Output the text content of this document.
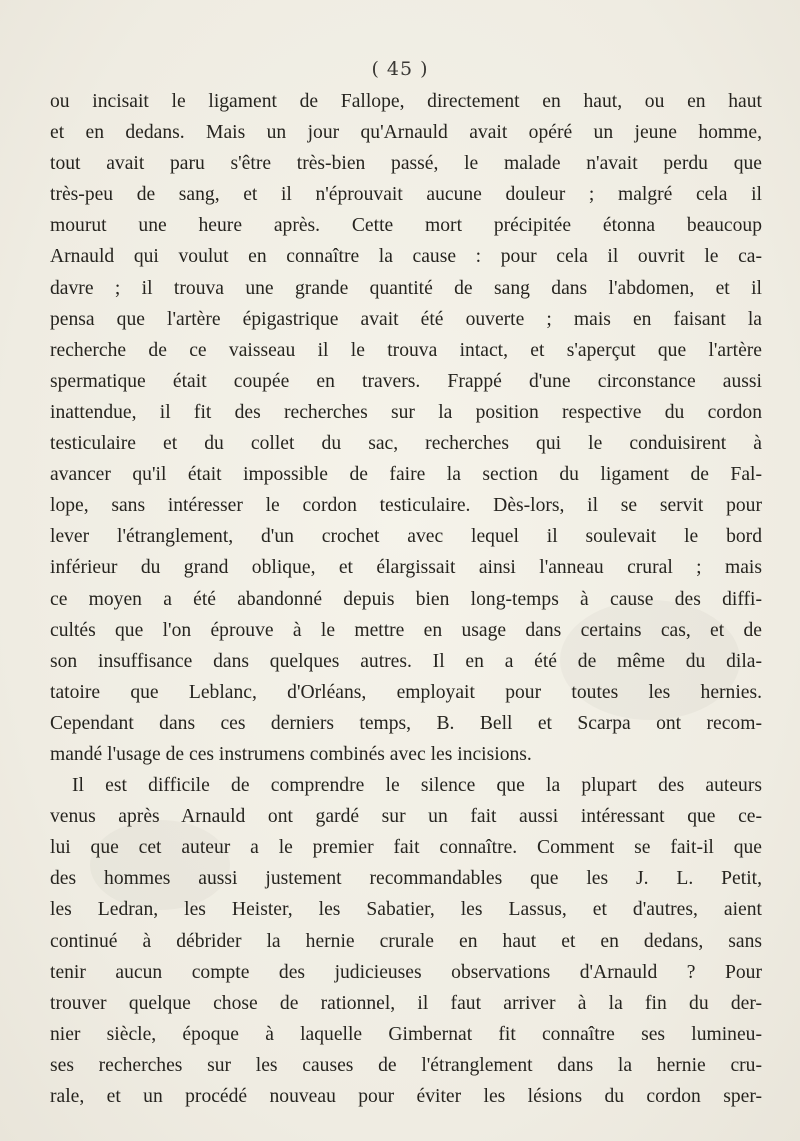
( 45 )
ou incisait le ligament de Fallope, directement en haut, ou en haut
et en dedans. Mais un jour qu'Arnauld avait opéré un jeune homme,
tout avait paru s'être très-bien passé, le malade n'avait perdu que
très-peu de sang, et il n'éprouvait aucune douleur ; malgré cela il
mourut une heure après. Cette mort précipitée étonna beaucoup
Arnauld qui voulut en connaître la cause : pour cela il ouvrit le ca-
davre ; il trouva une grande quantité de sang dans l'abdomen, et il
pensa que l'artère épigastrique avait été ouverte ; mais en faisant la
recherche de ce vaisseau il le trouva intact, et s'aperçut que l'artère
spermatique était coupée en travers. Frappé d'une circonstance aussi
inattendue, il fit des recherches sur la position respective du cordon
testiculaire et du collet du sac, recherches qui le conduisirent à
avancer qu'il était impossible de faire la section du ligament de Fal-
lope, sans intéresser le cordon testiculaire. Dès-lors, il se servit pour
lever l'étranglement, d'un crochet avec lequel il soulevait le bord
inférieur du grand oblique, et élargissait ainsi l'anneau crural ; mais
ce moyen a été abandonné depuis bien long-temps à cause des diffi-
cultés que l'on éprouve à le mettre en usage dans certains cas, et de
son insuffisance dans quelques autres. Il en a été de même du dila-
tatoire que Leblanc, d'Orléans, employait pour toutes les hernies.
Cependant dans ces derniers temps, B. Bell et Scarpa ont recom-
mandé l'usage de ces instrumens combinés avec les incisions.
Il est difficile de comprendre le silence que la plupart des auteurs
venus après Arnauld ont gardé sur un fait aussi intéressant que ce-
lui que cet auteur a le premier fait connaître. Comment se fait-il que
des hommes aussi justement recommandables que les J. L. Petit,
les Ledran, les Heister, les Sabatier, les Lassus, et d'autres, aient
continué à débrider la hernie crurale en haut et en dedans, sans
tenir aucun compte des judicieuses observations d'Arnauld ? Pour
trouver quelque chose de rationnel, il faut arriver à la fin du der-
nier siècle, époque à laquelle Gimbernat fit connaître ses lumineu-
ses recherches sur les causes de l'étranglement dans la hernie cru-
rale, et un procédé nouveau pour éviter les lésions du cordon sper-
